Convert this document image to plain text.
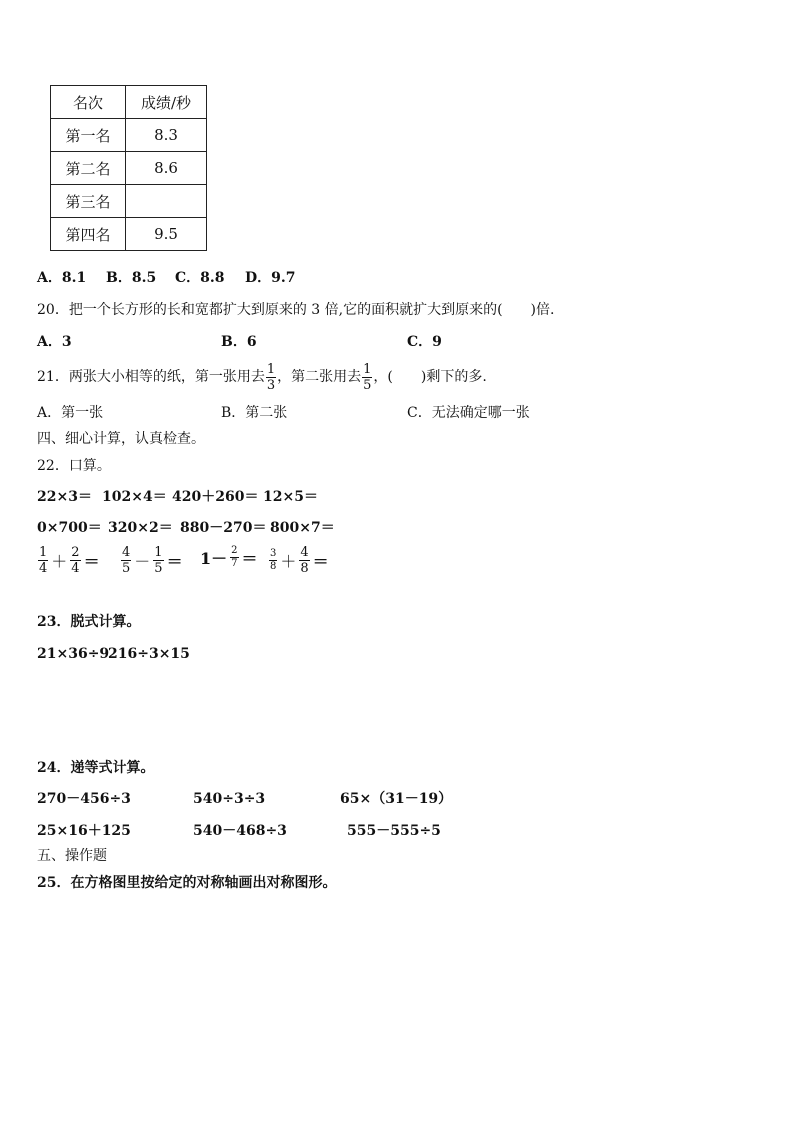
名次	成绩/秒
第一名	8.3
第二名	8.6
第三名	
第四名	9.5
A．8.1 B．8.5 C．8.8 D．9.7
20．把一个长方形的长和宽都扩大到原来的 3 倍,它的面积就扩大到原来的(　　)倍.
A．3	B．6	C．9
21．两张大小相等的纸，第一张用去 $\frac{1}{3}$ ，第二张用去 $\frac{1}{5}$ ，(　　)剩下的多.
A．第一张	B．第二张	C．无法确定哪一张
四、细心计算，认真检查。
22．口算。
22×3＝ 102×4＝ 420＋260＝ 12×5＝
0×700＝ 320×2＝ 880－270＝ 800×7＝
$\frac{1}{4} + \frac{2}{4} = \frac{4}{5} - \frac{1}{5} = 1- \frac{2}{7} = \frac{3}{8} + \frac{4}{8}$ ＝
23．脱式计算。
21×36÷9
216÷3×15
24．递等式计算。
270－456÷3	540÷3÷3	65×（31－19）
25×16＋125	540－468÷3	555－555÷5
五、操作题
25．在方格图里按给定的对称轴画出对称图形。
